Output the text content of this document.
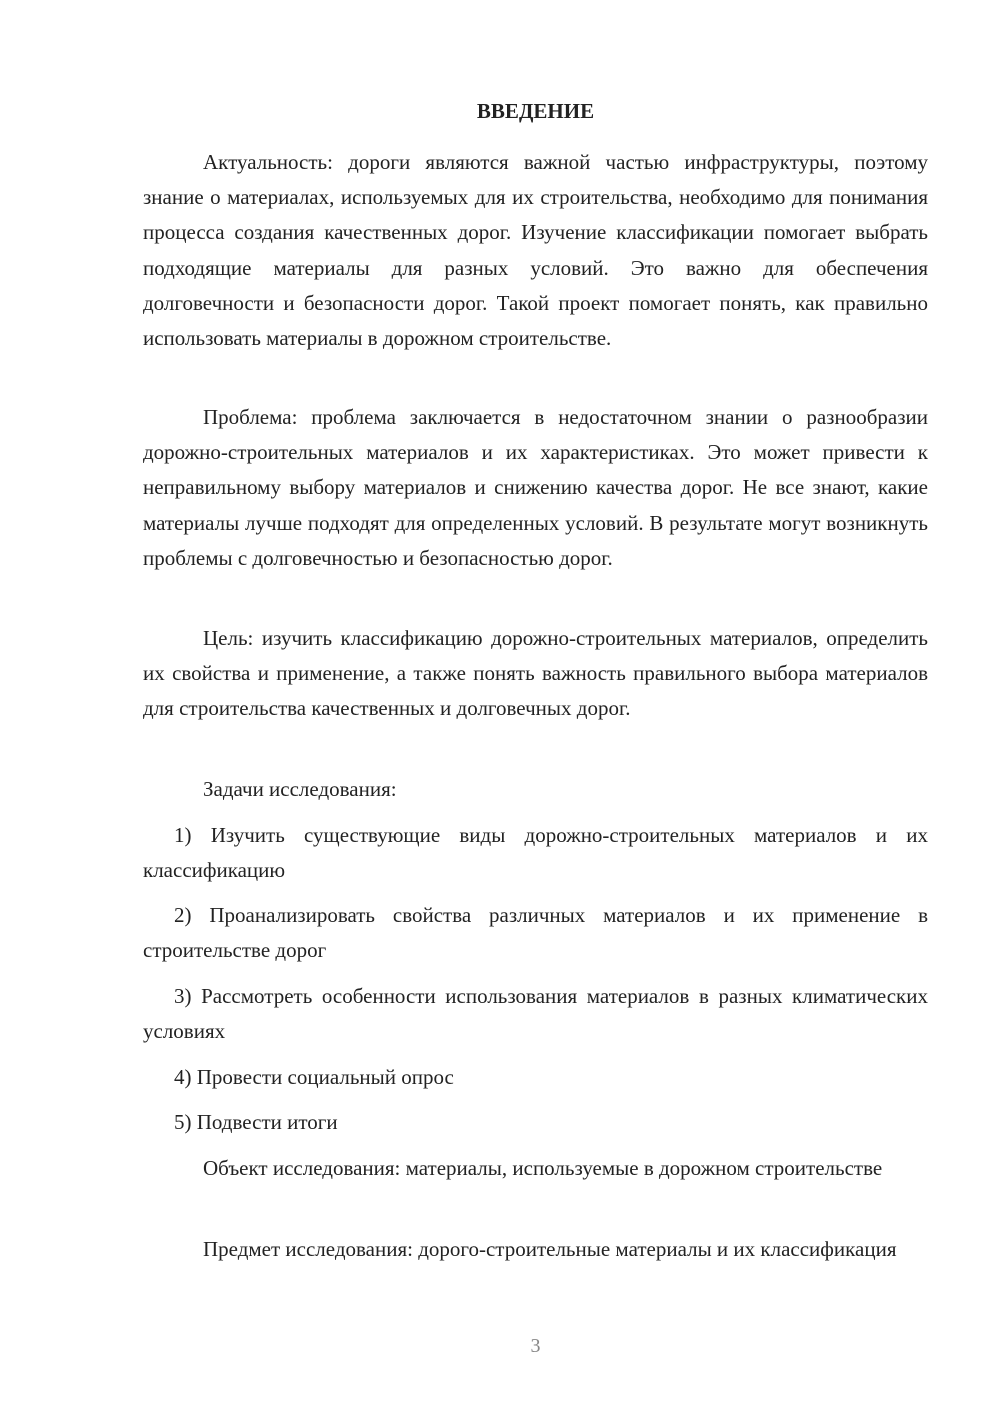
ВВЕДЕНИЕ

Актуальность: дороги являются важной частью инфраструктуры, поэтому знание о материалах, используемых для их строительства, необходимо для понимания процесса создания качественных дорог. Изучение классификации помогает выбрать подходящие материалы для разных условий. Это важно для обеспечения долговечности и безопасности дорог. Такой проект помогает понять, как правильно использовать материалы в дорожном строительстве.

Проблема: проблема заключается в недостаточном знании о разнообразии дорожно-строительных материалов и их характеристиках. Это может привести к неправильному выбору материалов и снижению качества дорог. Не все знают, какие материалы лучше подходят для определенных условий. В результате могут возникнуть проблемы с долговечностью и безопасностью дорог.

Цель: изучить классификацию дорожно-строительных материалов, определить их свойства и применение, а также понять важность правильного выбора материалов для строительства качественных и долговечных дорог.

Задачи исследования:

1) Изучить существующие виды дорожно-строительных материалов и их классификацию

2) Проанализировать свойства различных материалов и их применение в строительстве дорог

3) Рассмотреть особенности использования материалов в разных климатических условиях

4) Провести социальный опрос

5) Подвести итоги

Объект исследования: материалы, используемые в дорожном строительстве

Предмет исследования: дорого-строительные материалы и их классификация

3
